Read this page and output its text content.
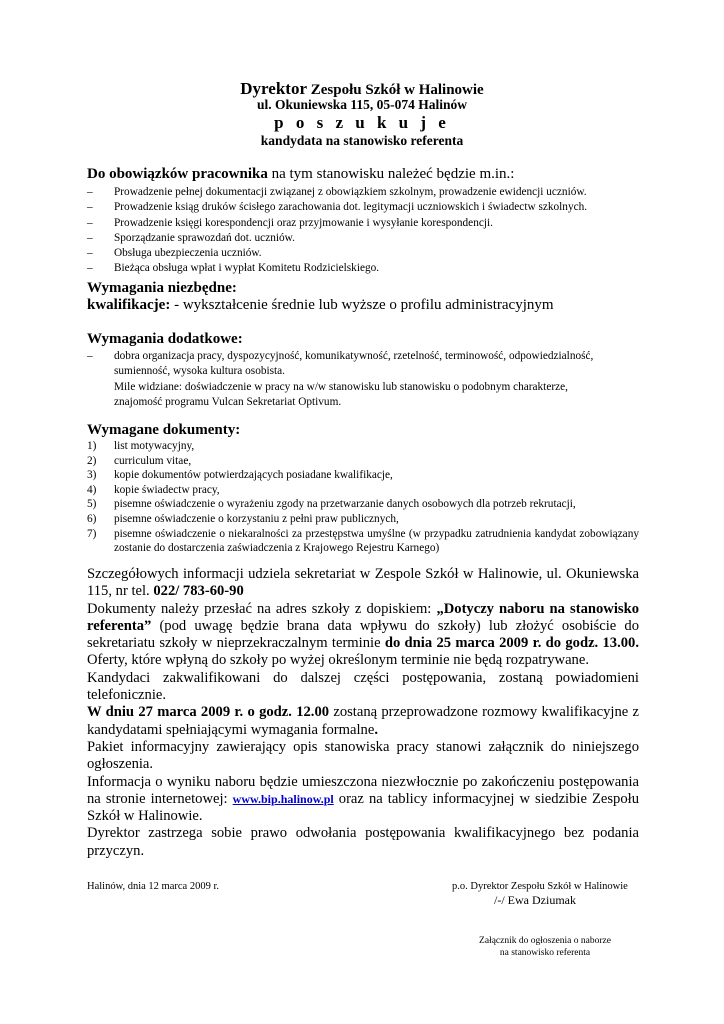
Dyrektor Zespołu Szkół w Halinowie
ul. Okuniewska 115, 05-074 Halinów
p o s z u k u j e
kandydata na stanowisko referenta
Do obowiązków pracownika na tym stanowisku należeć będzie m.in.:
– Prowadzenie pełnej dokumentacji związanej z obowiązkiem szkolnym, prowadzenie ewidencji uczniów.
– Prowadzenie ksiąg druków ścisłego zarachowania dot. legitymacji uczniowskich i świadectw szkolnych.
– Prowadzenie księgi korespondencji oraz przyjmowanie i wysyłanie korespondencji.
– Sporządzanie sprawozdań dot. uczniów.
– Obsługa ubezpieczenia uczniów.
– Bieżąca obsługa wpłat i wypłat Komitetu Rodzicielskiego.
Wymagania niezbędne:
kwalifikacje: - wykształcenie średnie lub wyższe o profilu administracyjnym
Wymagania dodatkowe:
– dobra organizacja pracy, dyspozycyjność, komunikatywność, rzetelność, terminowość, odpowiedzialność,
sumienność, wysoka kultura osobista.
Mile widziane: doświadczenie w pracy na w/w stanowisku lub stanowisku o podobnym charakterze,
znajomość programu Vulcan Sekretariat Optivum.
Wymagane dokumenty:
1) list motywacyjny,
2) curriculum vitae,
3) kopie dokumentów potwierdzających posiadane kwalifikacje,
4) kopie świadectw pracy,
5) pisemne oświadczenie o wyrażeniu zgody na przetwarzanie danych osobowych dla potrzeb rekrutacji,
6) pisemne oświadczenie o korzystaniu z pełni praw publicznych,
7) pisemne oświadczenie o niekaralności za przestępstwa umyślne (w przypadku zatrudnienia kandydat zobowiązany zostanie do dostarczenia zaświadczenia z Krajowego Rejestru Karnego)

Szczegółowych informacji udziela sekretariat w Zespole Szkół w Halinowie, ul. Okuniewska 115, nr tel. 022/ 783-60-90

Dokumenty należy przesłać na adres szkoły z dopiskiem: „Dotyczy naboru na stanowisko referenta” (pod uwagę będzie brana data wpływu do szkoły) lub złożyć osobiście do sekretariatu szkoły w nieprzekraczalnym terminie do dnia 25 marca 2009 r. do godz. 13.00. Oferty, które wpłyną do szkoły po wyżej określonym terminie nie będą rozpatrywane.

Kandydaci zakwalifikowani do dalszej części postępowania, zostaną powiadomieni telefonicznie.

W dniu 27 marca 2009 r. o godz. 12.00 zostaną przeprowadzone rozmowy kwalifikacyjne z kandydatami spełniającymi wymagania formalne.

Pakiet informacyjny zawierający opis stanowiska pracy stanowi załącznik do niniejszego ogłoszenia.

Informacja o wyniku naboru będzie umieszczona niezwłocznie po zakończeniu postępowania na stronie internetowej: www.bip.halinow.pl oraz na tablicy informacyjnej w siedzibie Zespołu Szkół w Halinowie.

Dyrektor zastrzega sobie prawo odwołania postępowania kwalifikacyjnego bez podania przyczyn.

Halinów, dnia 12 marca 2009 r.	p.o. Dyrektor Zespołu Szkół w Halinowie
/-/ Ewa Dziumak
Załącznik do ogłoszenia o naborze
na stanowisko referenta
